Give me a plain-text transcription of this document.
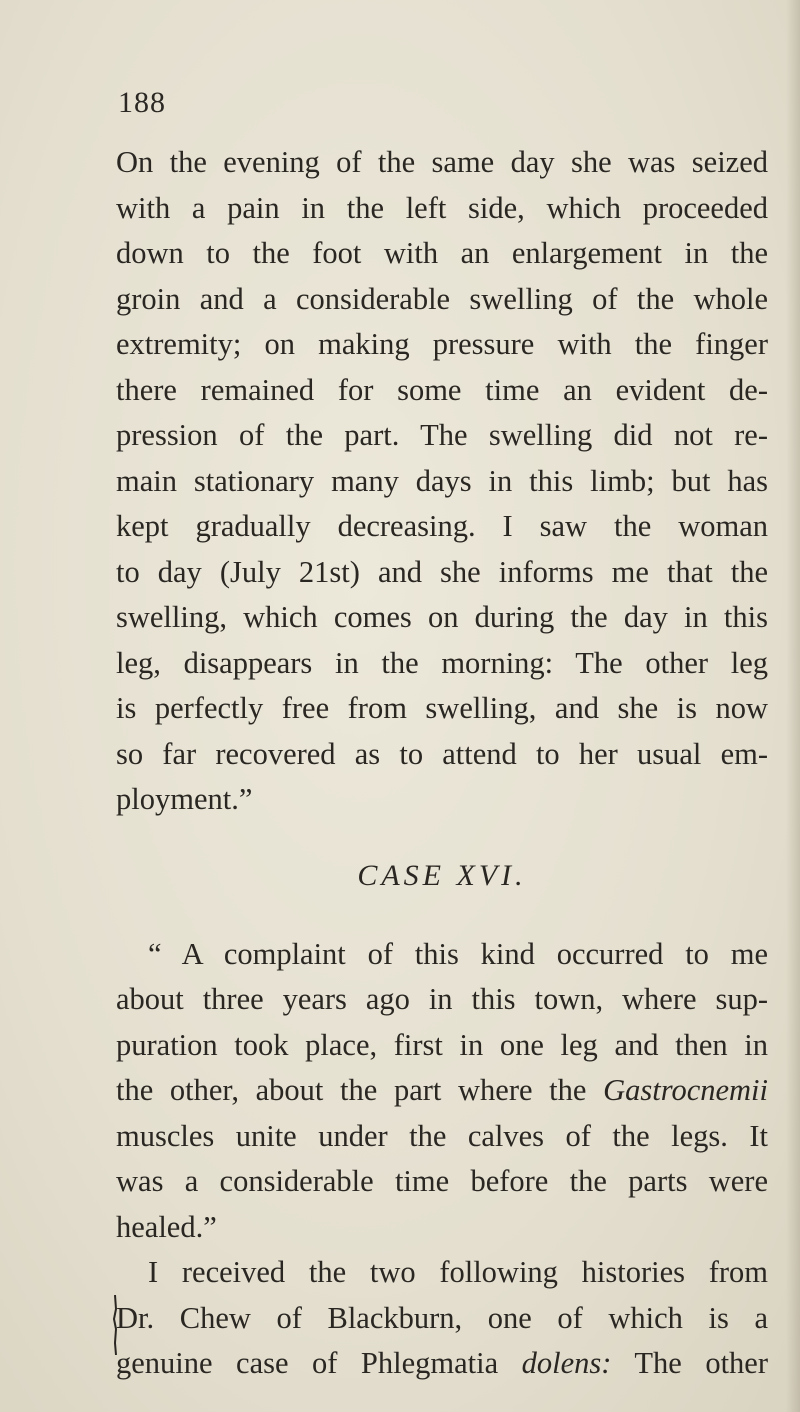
188
On the evening of the same day she was seized
with a pain in the left side, which proceeded
down to the foot with an enlargement in the
groin and a considerable swelling of the whole
extremity; on making pressure with the finger
there remained for some time an evident de-
pression of the part. The swelling did not re-
main stationary many days in this limb; but has
kept gradually decreasing. I saw the woman
to day (July 21st) and she informs me that the
swelling, which comes on during the day in this
leg, disappears in the morning: The other leg
is perfectly free from swelling, and she is now
so far recovered as to attend to her usual em-
ployment.”
CASE XVI.
“ A complaint of this kind occurred to me
about three years ago in this town, where sup-
puration took place, first in one leg and then in
the other, about the part where the Gastrocnemii
muscles unite under the calves of the legs. It
was a considerable time before the parts were
healed.”
I received the two following histories from
Dr. Chew of Blackburn, one of which is a
genuine case of Phlegmatia dolens: The other
